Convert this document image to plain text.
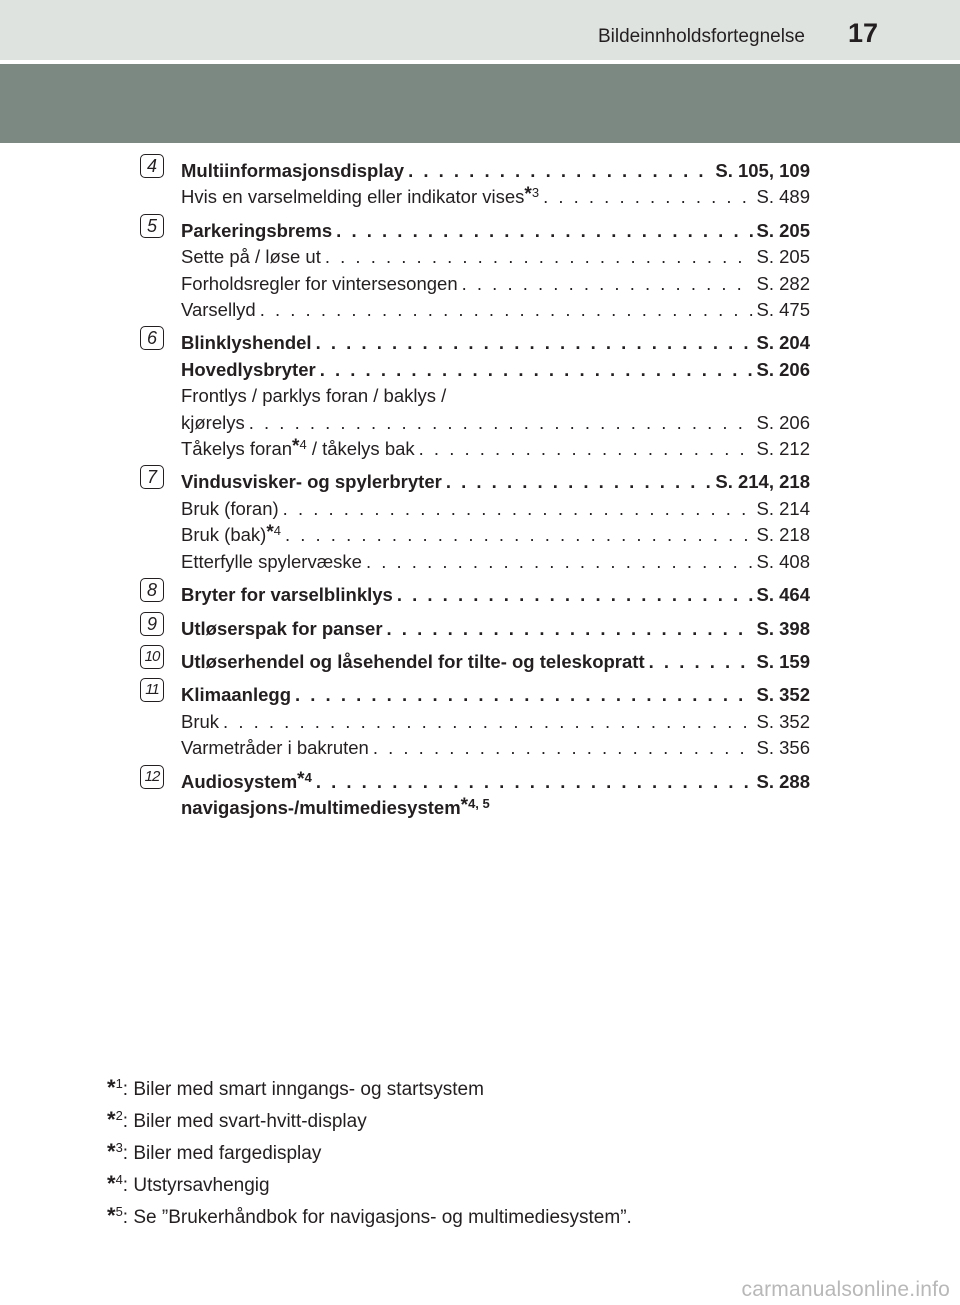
Bildeinnholdsfortegnelse 17
4	Multiinformasjonsdisplay . . .	S. 105, 109
Hvis en varselmelding eller indikator vises$^{*3}$ . . .	S. 489
5	Parkeringsbrems . . .	S. 205
Sette på / løse ut . . .	S. 205
Forholdsregler for vintersesongen . . .	S. 282
Varsellyd . . .	S. 475
6	Blinklyshendel . . .	S. 204
Hovedlysbryter . . .	S. 206
Frontlys / parklys foran / baklys /
kjørelys . . .	S. 206
Tåkelys foran$^{*4}$ / tåkelys bak . . .	S. 212
7	Vindusvisker- og spylerbryter . . .	S. 214, 218
Bruk (foran) . . .	S. 214
Bruk (bak)$^{*4}$ . . .	S. 218
Etterfylle spylervæske . . .	S. 408
8	Bryter for varselblinklys . . .	S. 464
9	Utløserspak for panser . . .	S. 398
10 Utløserhendel og låsehendel for tilte- og teleskopratt . . .	S. 159
11 Klimaanlegg . . .	S. 352
Bruk . . .	S. 352
Varmetråder i bakruten . . .	S. 356
12 Audiosystem$^{*4}$ . . .	S. 288
navigasjons-/multimediesystem$^{*4, 5}$
*$^1$: Biler med smart inngangs- og startsystem
*$^2$: Biler med svart-hvitt-display
*$^3$: Biler med fargedisplay
*$^4$: Utstyrsavhengig
*$^5$: Se ”Brukerhåndbok for navigasjons- og multimediesystem”.
carmanualsonline.info
